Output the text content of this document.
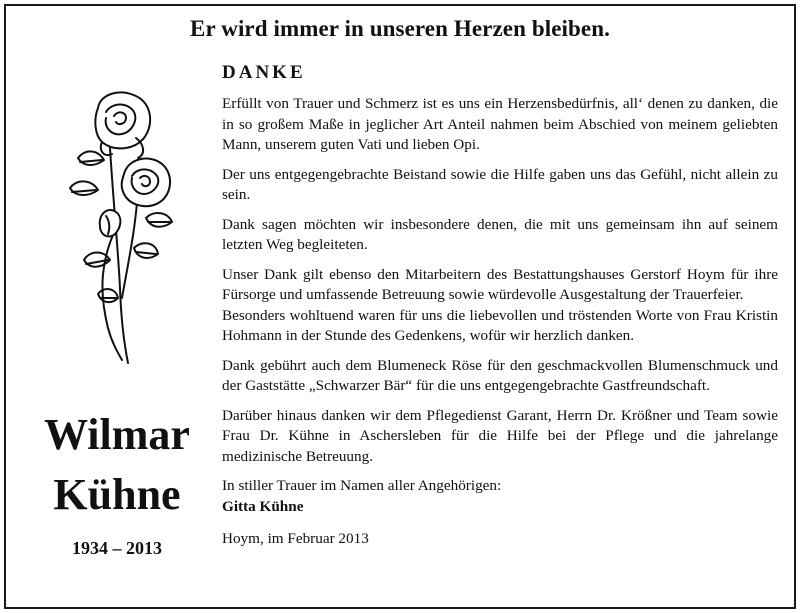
Er wird immer in unseren Herzen bleiben.
Wilmar
Kühne
1934 – 2013
DANKE

Erfüllt von Trauer und Schmerz ist es uns ein Herzensbedürfnis, all‘ denen zu danken, die in so großem Maße in jeglicher Art Anteil nahmen beim Abschied von meinem geliebten Mann, unserem guten Vati und lieben Opi.

Der uns entgegengebrachte Beistand sowie die Hilfe gaben uns das Gefühl, nicht allein zu sein.

Dank sagen möchten wir insbesondere denen, die mit uns gemeinsam ihn auf seinem letzten Weg begleiteten.

Unser Dank gilt ebenso den Mitarbeitern des Bestattungshauses Gerstorf Hoym für ihre Fürsorge und umfassende Betreuung sowie würdevolle Ausgestaltung der Trauerfeier.

Besonders wohltuend waren für uns die liebevollen und tröstenden Worte von Frau Kristin Hohmann in der Stunde des Gedenkens, wofür wir herzlich danken.

Dank gebührt auch dem Blumeneck Röse für den geschmackvollen Blumenschmuck und der Gaststätte „Schwarzer Bär“ für die uns entgegengebrachte Gastfreundschaft.

Darüber hinaus danken wir dem Pflegedienst Garant, Herrn Dr. Krößner und Team sowie Frau Dr. Kühne in Aschersleben für die Hilfe bei der Pflege und die jahrelange medizinische Betreuung.

In stiller Trauer im Namen aller Angehörigen:
Gitta Kühne
Hoym, im Februar 2013
